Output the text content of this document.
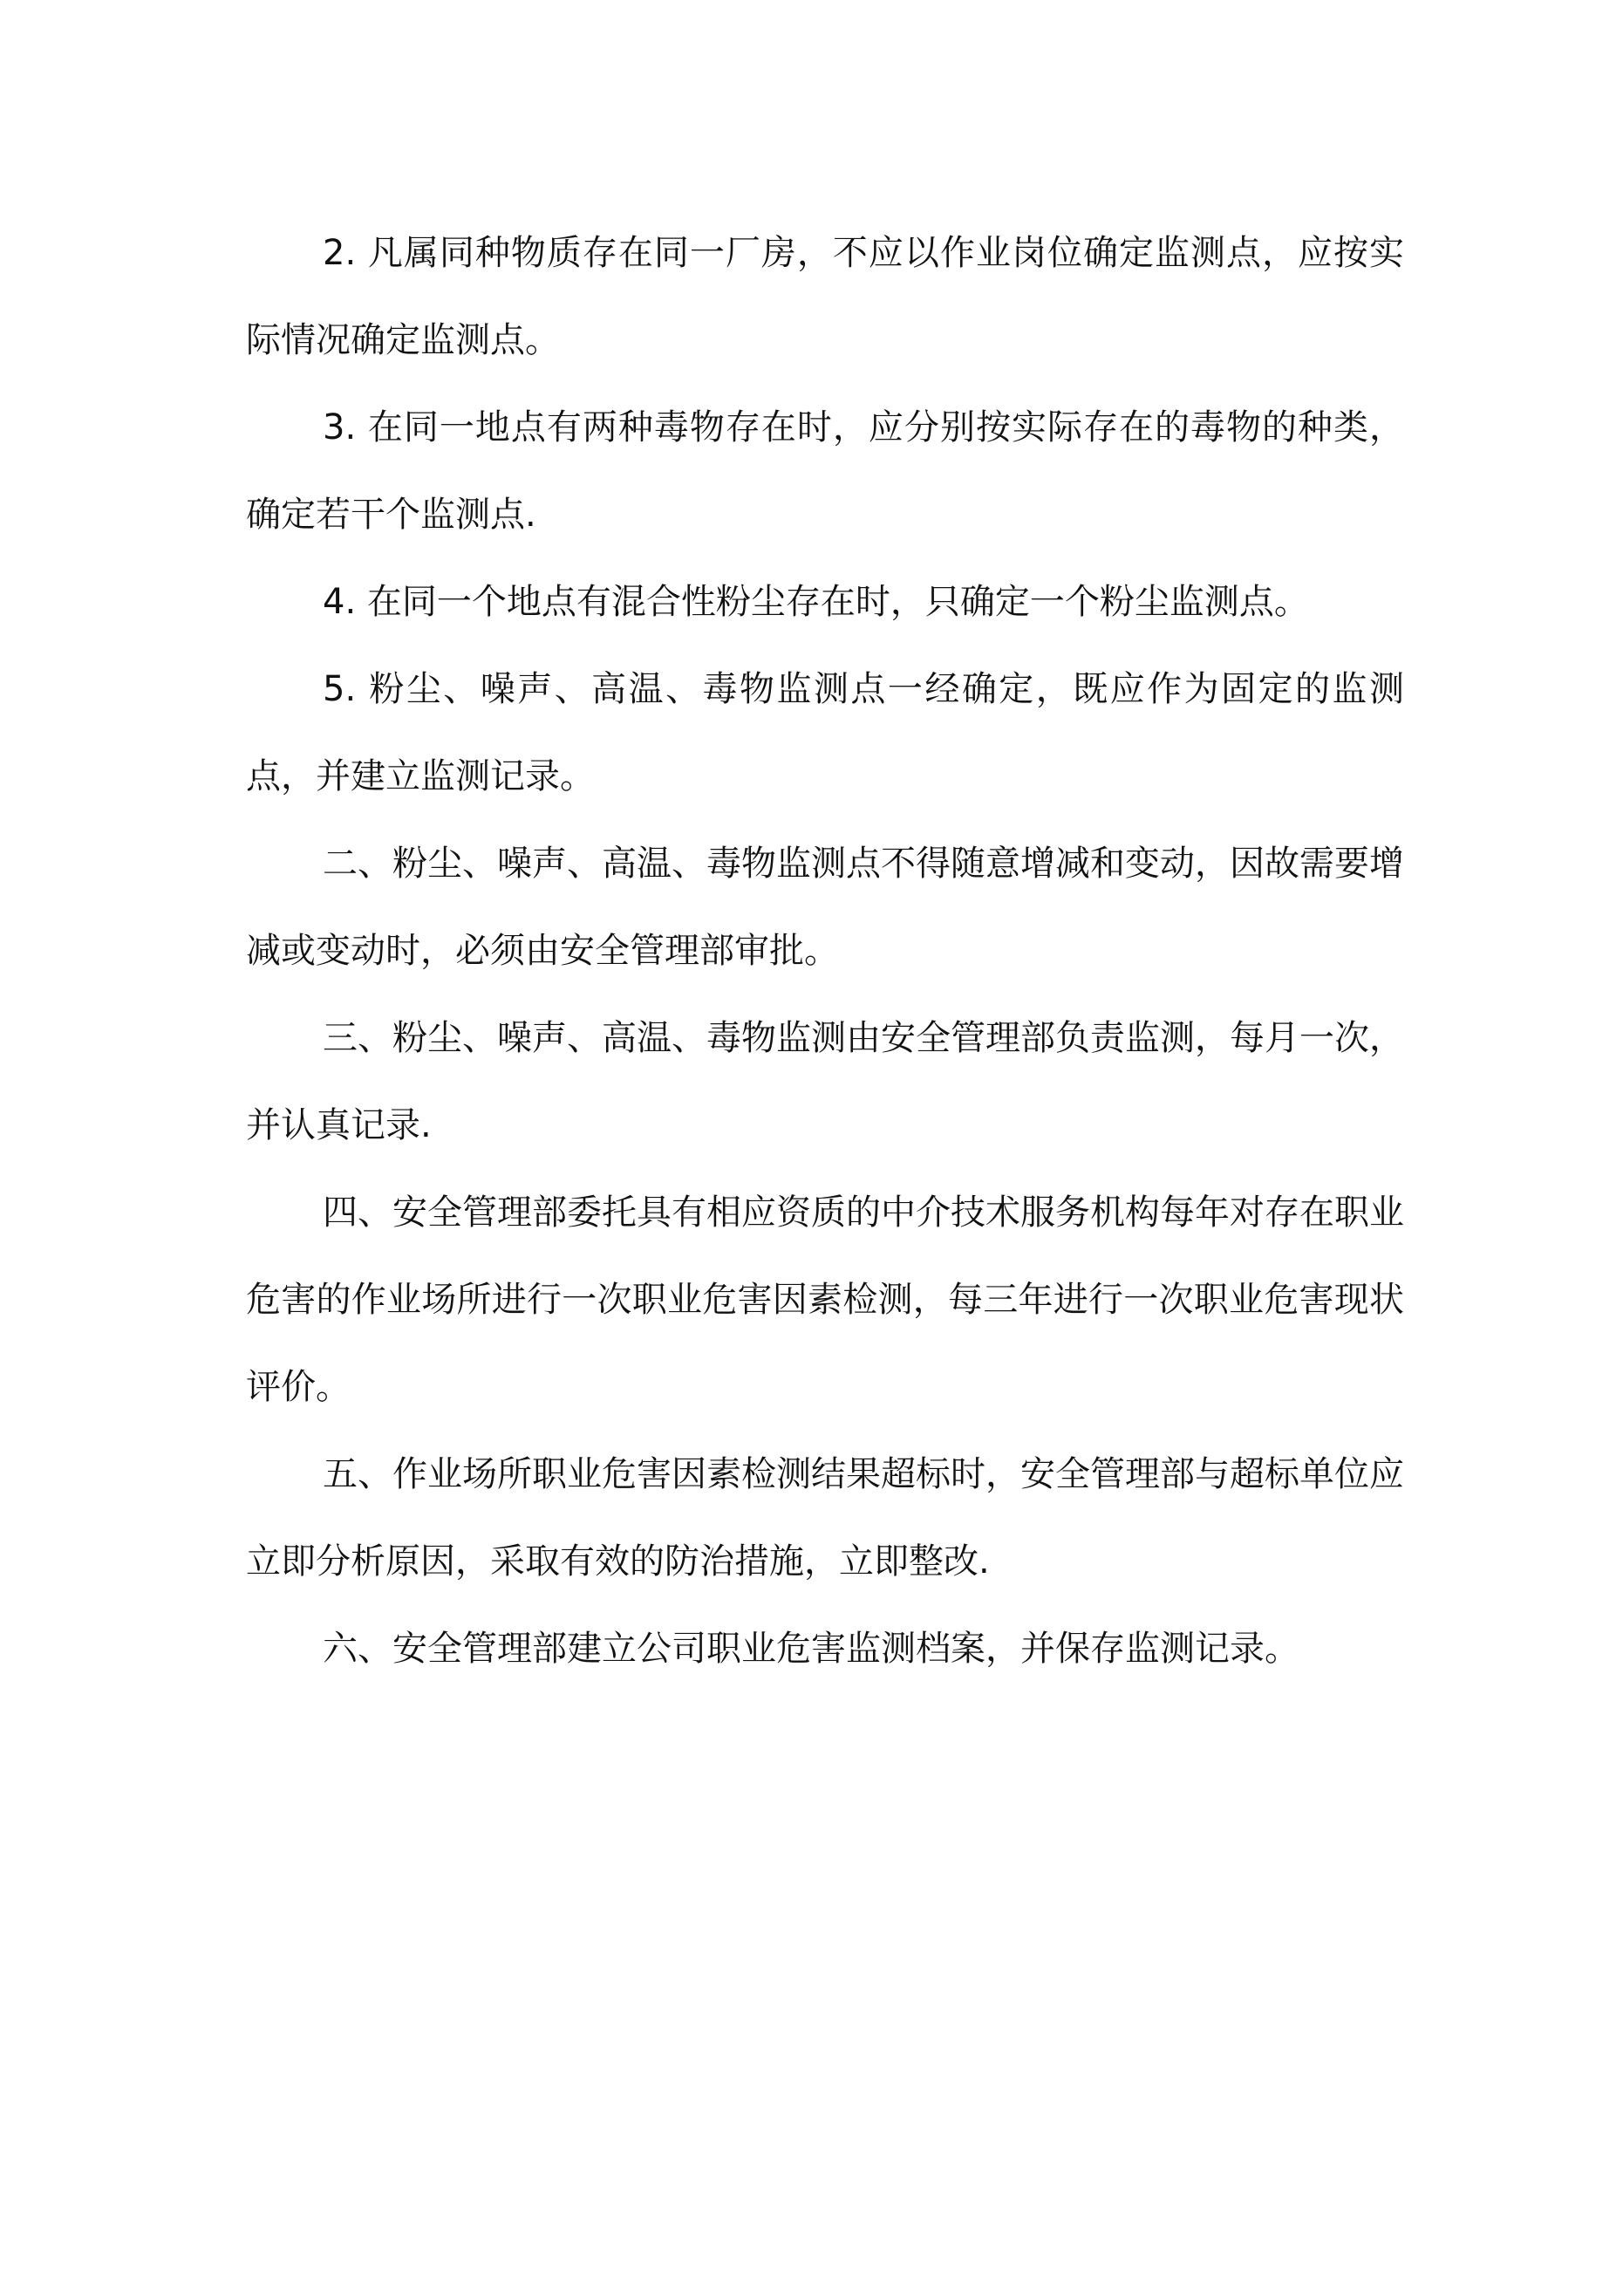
2. 凡属同种物质存在同一厂房，不应以作业岗位确定监测点，应按实际情况确定监测点。

3. 在同一地点有两种毒物存在时，应分别按实际存在的毒物的种类，确定若干个监测点.

4. 在同一个地点有混合性粉尘存在时，只确定一个粉尘监测点。

5. 粉尘、噪声、高温、毒物监测点一经确定，既应作为固定的监测点，并建立监测记录。

二、粉尘、噪声、高温、毒物监测点不得随意增减和变动，因故需要增减或变动时，必须由安全管理部审批。

三、粉尘、噪声、高温、毒物监测由安全管理部负责监测，每月一次，并认真记录.

四、安全管理部委托具有相应资质的中介技术服务机构每年对存在职业危害的作业场所进行一次职业危害因素检测，每三年进行一次职业危害现状评价。

五、作业场所职业危害因素检测结果超标时，安全管理部与超标单位应立即分析原因，采取有效的防治措施，立即整改.

六、安全管理部建立公司职业危害监测档案，并保存监测记录。
